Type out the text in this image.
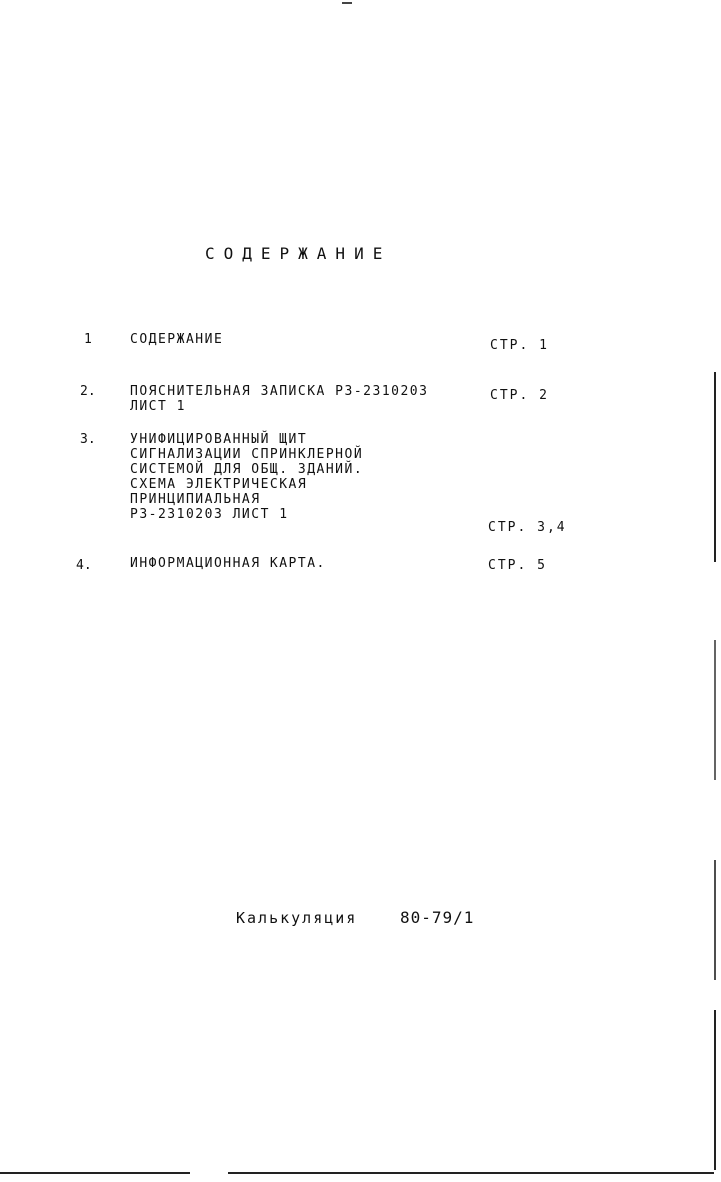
СОДЕРЖАНИЕ
1	СОДЕРЖАНИЕ	СТР. 1
2.	ПОЯСНИТЕЛЬНАЯ ЗАПИСКА РЗ-2310203
ЛИСТ 1
СТР. 2
3.	УНИФИЦИРОВАННЫЙ ЩИТ
СИГНАЛИЗАЦИИ СПРИНКЛЕРНОЙ
СИСТЕМОЙ ДЛЯ ОБЩ. ЗДАНИЙ.
СХЕМА ЭЛЕКТРИЧЕСКАЯ
ПРИНЦИПИАЛЬНАЯ
РЗ-2310203 ЛИСТ 1
СТР. 3,4
4.	ИНФОРМАЦИОННАЯ КАРТА.	СТР. 5
Калькуляция	80-79/1
